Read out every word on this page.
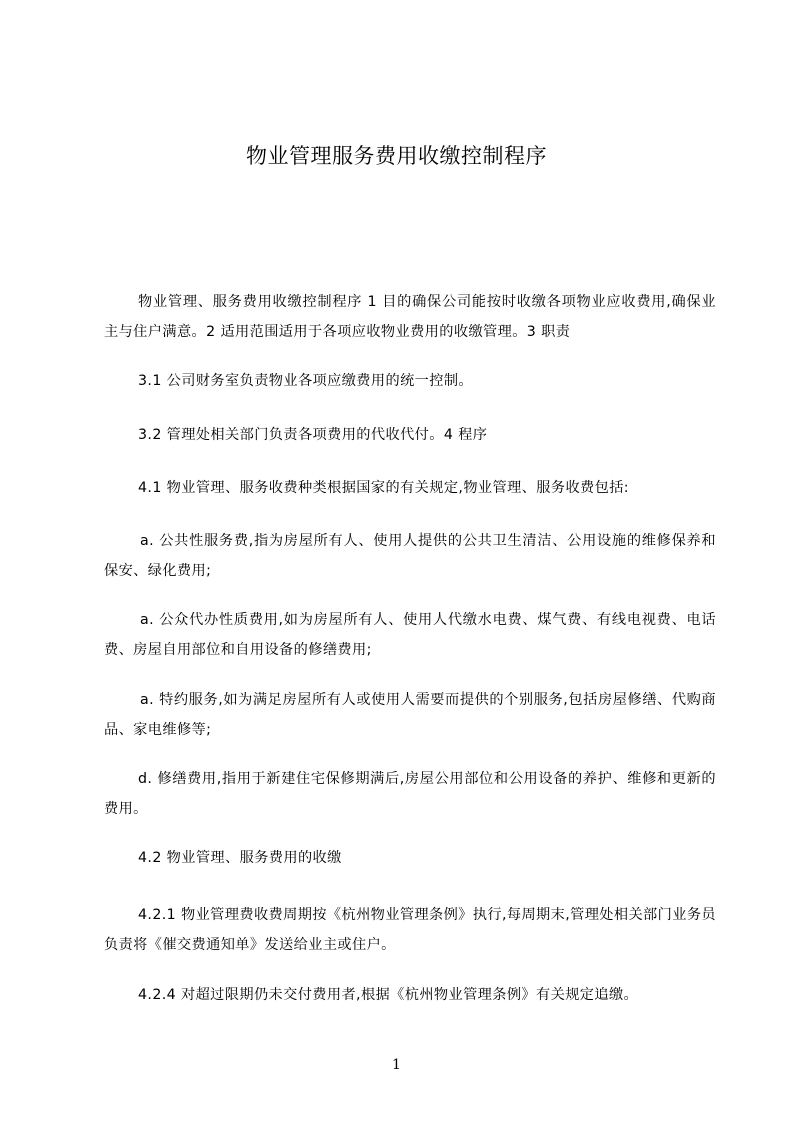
物业管理服务费用收缴控制程序

物业管理、服务费用收缴控制程序 1 目的确保公司能按时收缴各项物业应收费用,确保业主与住户满意。2 适用范围适用于各项应收物业费用的收缴管理。3 职责

3.1 公司财务室负责物业各项应缴费用的统一控制。

3.2 管理处相关部门负责各项费用的代收代付。4 程序

4.1 物业管理、服务收费种类根据国家的有关规定,物业管理、服务收费包括:

a. 公共性服务费,指为房屋所有人、使用人提供的公共卫生清洁、公用设施的维修保养和保安、绿化费用;

a. 公众代办性质费用,如为房屋所有人、使用人代缴水电费、煤气费、有线电视费、电话费、房屋自用部位和自用设备的修缮费用;

a. 特约服务,如为满足房屋所有人或使用人需要而提供的个别服务,包括房屋修缮、代购商品、家电维修等;

d. 修缮费用,指用于新建住宅保修期满后,房屋公用部位和公用设备的养护、维修和更新的费用。

4.2 物业管理、服务费用的收缴

4.2.1 物业管理费收费周期按《杭州物业管理条例》执行,每周期末,管理处相关部门业务员负责将《催交费通知单》发送给业主或住户。

4.2.4 对超过限期仍未交付费用者,根据《杭州物业管理条例》有关规定追缴。

1
